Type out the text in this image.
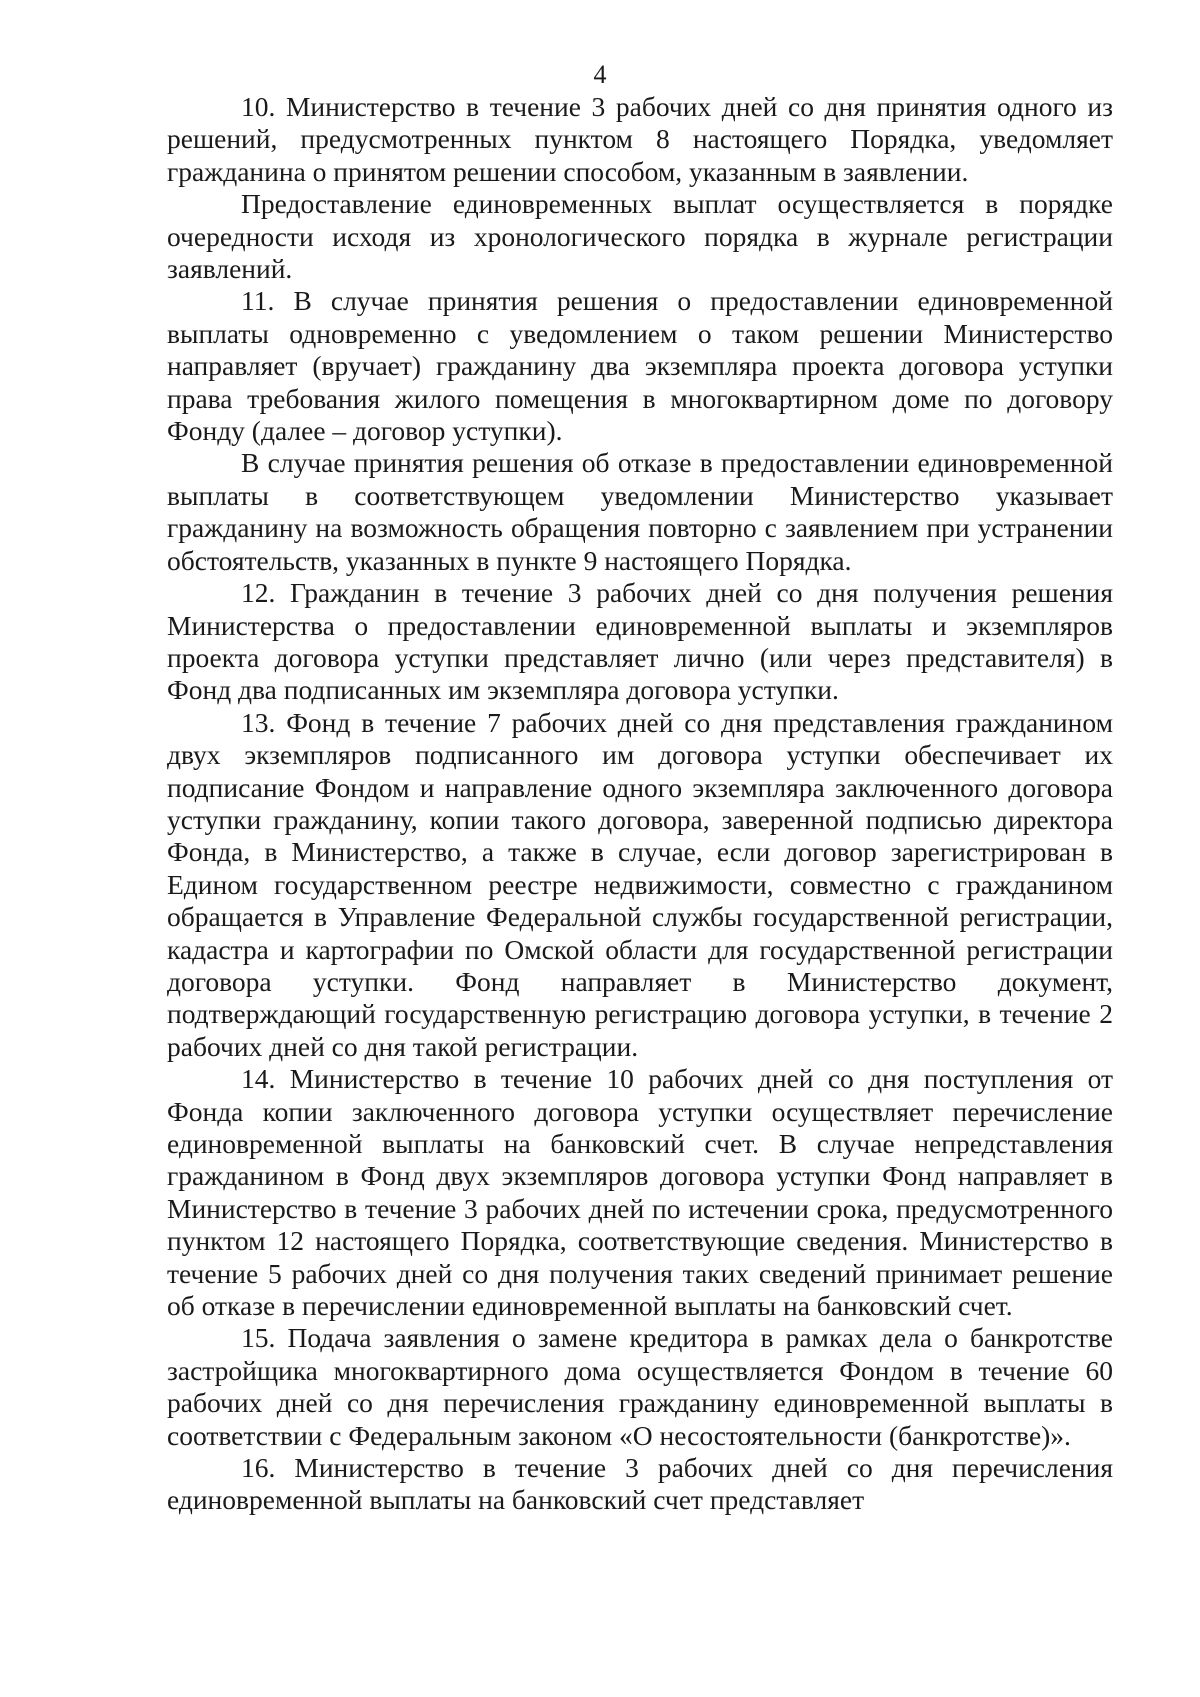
4

10. Министерство в течение 3 рабочих дней со дня принятия одного из решений, предусмотренных пунктом 8 настоящего Порядка, уведомляет гражданина о принятом решении способом, указанным в заявлении.

Предоставление единовременных выплат осуществляется в порядке очередности исходя из хронологического порядка в журнале регистрации заявлений.

11. В случае принятия решения о предоставлении единовременной выплаты одновременно с уведомлением о таком решении Министерство направляет (вручает) гражданину два экземпляра проекта договора уступки права требования жилого помещения в многоквартирном доме по договору Фонду (далее – договор уступки).

В случае принятия решения об отказе в предоставлении единовременной выплаты в соответствующем уведомлении Министерство указывает гражданину на возможность обращения повторно с заявлением при устранении обстоятельств, указанных в пункте 9 настоящего Порядка.

12. Гражданин в течение 3 рабочих дней со дня получения решения Министерства о предоставлении единовременной выплаты и экземпляров проекта договора уступки представляет лично (или через представителя) в Фонд два подписанных им экземпляра договора уступки.

13. Фонд в течение 7 рабочих дней со дня представления гражданином двух экземпляров подписанного им договора уступки обеспечивает их подписание Фондом и направление одного экземпляра заключенного договора уступки гражданину, копии такого договора, заверенной подписью директора Фонда, в Министерство, а также в случае, если договор зарегистрирован в Едином государственном реестре недвижимости, совместно с гражданином обращается в Управление Федеральной службы государственной регистрации, кадастра и картографии по Омской области для государственной регистрации договора уступки. Фонд направляет в Министерство документ, подтверждающий государственную регистрацию договора уступки, в течение 2 рабочих дней со дня такой регистрации.

14. Министерство в течение 10 рабочих дней со дня поступления от Фонда копии заключенного договора уступки осуществляет перечисление единовременной выплаты на банковский счет. В случае непредставления гражданином в Фонд двух экземпляров договора уступки Фонд направляет в Министерство в течение 3 рабочих дней по истечении срока, предусмотренного пунктом 12 настоящего Порядка, соответствующие сведения. Министерство в течение 5 рабочих дней со дня получения таких сведений принимает решение об отказе в перечислении единовременной выплаты на банковский счет.

15. Подача заявления о замене кредитора в рамках дела о банкротстве застройщика многоквартирного дома осуществляется Фондом в течение 60 рабочих дней со дня перечисления гражданину единовременной выплаты в соответствии с Федеральным законом «О несостоятельности (банкротстве)».

16. Министерство в течение 3 рабочих дней со дня перечисления единовременной выплаты на банковский счет представляет
